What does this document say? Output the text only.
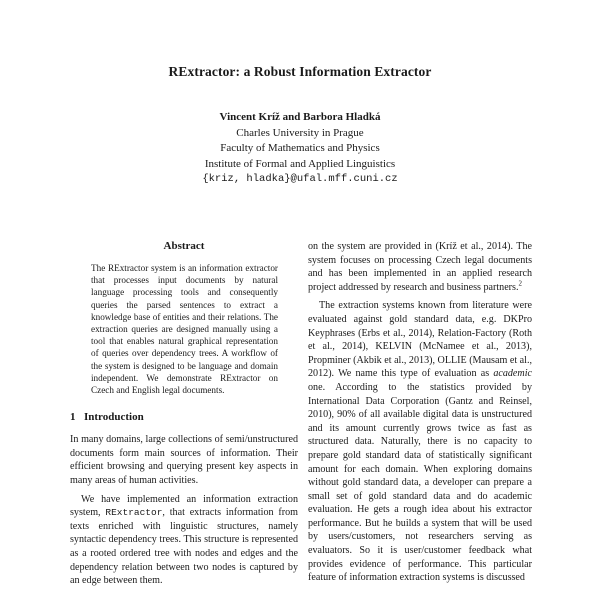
RExtractor: a Robust Information Extractor
Vincent Kríž and Barbora Hladká
Charles University in Prague
Faculty of Mathematics and Physics
Institute of Formal and Applied Linguistics
{kriz, hladka}@ufal.mff.cuni.cz
Abstract

The RExtractor system is an information extractor that processes input documents by natural language processing tools and consequently queries the parsed sentences to extract a knowledge base of entities and their relations. The extraction queries are designed manually using a tool that enables natural graphical representation of queries over dependency trees. A workflow of the system is designed to be language and domain independent. We demonstrate RExtractor on Czech and English legal documents.

1 Introduction

In many domains, large collections of semi/unstructured documents form main sources of information. Their efficient browsing and querying present key aspects in many areas of human activities.

We have implemented an information extraction system, RExtractor, that extracts information from texts enriched with linguistic structures, namely syntactic dependency trees. This structure is represented as a rooted ordered tree with nodes and edges and the dependency relation between two nodes is captured by an edge between them.

on the system are provided in (Kríž et al., 2014). The system focuses on processing Czech legal documents and has been implemented in an applied research project addressed by research and business partners.$^2$

The extraction systems known from literature were evaluated against gold standard data, e.g. DKPro Keyphrases (Erbs et al., 2014), Relation-Factory (Roth et al., 2014), KELVIN (McNamee et al., 2013), Propminer (Akbik et al., 2013), OLLIE (Mausam et al., 2012). We name this type of evaluation as academic one. According to the statistics provided by International Data Corporation (Gantz and Reinsel, 2010), 90% of all available digital data is unstructured and its amount currently grows twice as fast as structured data. Naturally, there is no capacity to prepare gold standard data of statistically significant amount for each domain. When exploring domains without gold standard data, a developer can prepare a small set of gold standard data and do academic evaluation. He gets a rough idea about his extractor performance. But he builds a system that will be used by users/customers, not researchers serving as evaluators. So it is user/customer feedback what provides evidence of performance. This particular feature of information extraction systems is discussed
